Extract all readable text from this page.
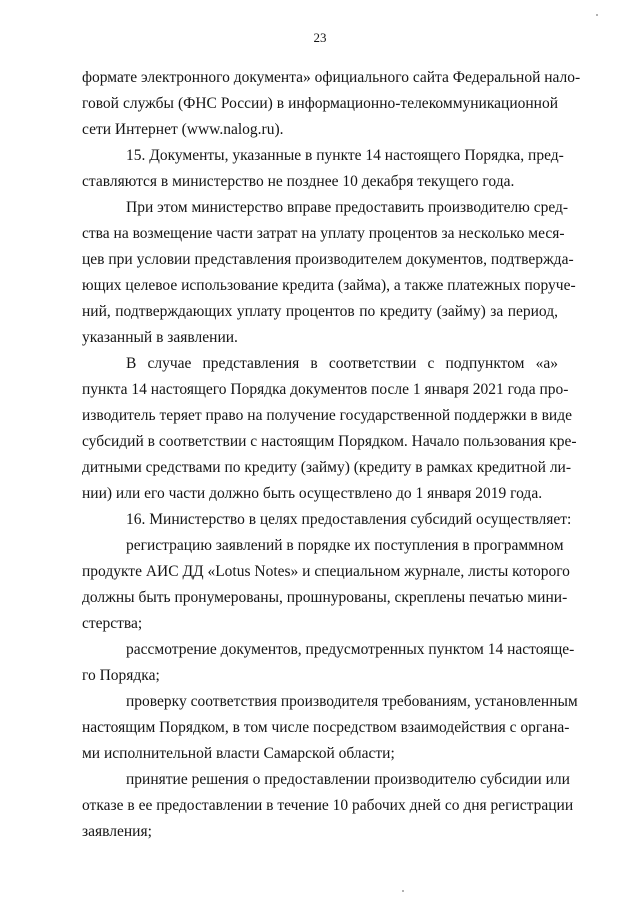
23
формате электронного документа» официального сайта Федеральной нало-
говой службы (ФНС России) в информационно-телекоммуникационной
сети Интернет (www.nalog.ru).
15. Документы, указанные в пункте 14 настоящего Порядка, пред-
ставляются в министерство не позднее 10 декабря текущего года.
При этом министерство вправе предоставить производителю сред-
ства на возмещение части затрат на уплату процентов за несколько меся-
цев при условии представления производителем документов, подтвержда-
ющих целевое использование кредита (займа), а также платежных поруче-
ний, подтверждающих уплату процентов по кредиту (займу) за период,
указанный в заявлении.
В случае представления в соответствии с подпунктом «а»
пункта 14 настоящего Порядка документов после 1 января 2021 года про-
изводитель теряет право на получение государственной поддержки в виде
субсидий в соответствии с настоящим Порядком. Начало пользования кре-
дитными средствами по кредиту (займу) (кредиту в рамках кредитной ли-
нии) или его части должно быть осуществлено до 1 января 2019 года.
16. Министерство в целях предоставления субсидий осуществляет:
регистрацию заявлений в порядке их поступления в программном
продукте АИС ДД «Lotus Notes» и специальном журнале, листы которого
должны быть пронумерованы, прошнурованы, скреплены печатью мини-
стерства;
рассмотрение документов, предусмотренных пунктом 14 настояще-
го Порядка;
проверку соответствия производителя требованиям, установленным
настоящим Порядком, в том числе посредством взаимодействия с органа-
ми исполнительной власти Самарской области;
принятие решения о предоставлении производителю субсидии или
отказе в ее предоставлении в течение 10 рабочих дней со дня регистрации
заявления;
